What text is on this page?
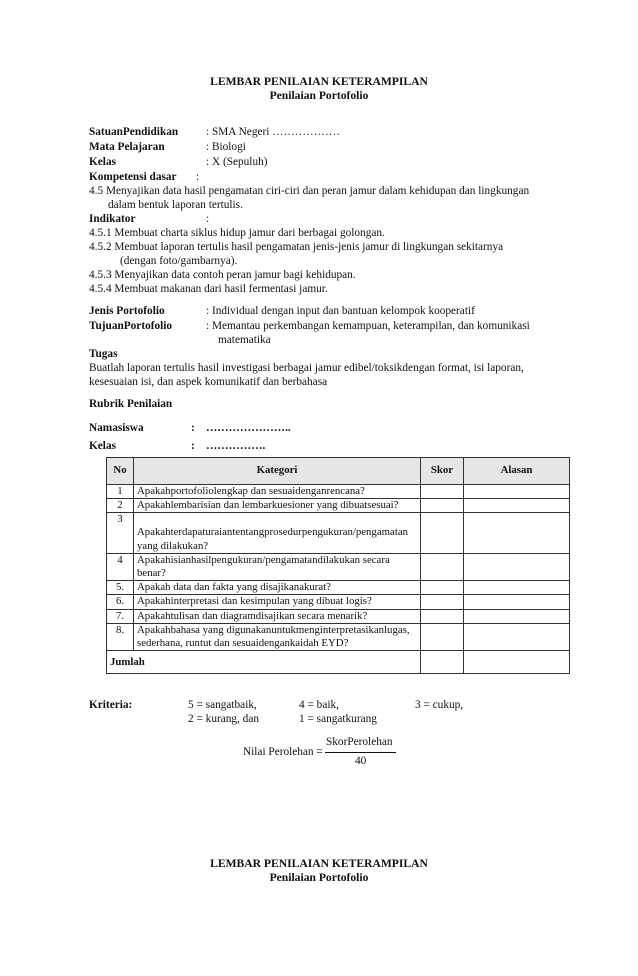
LEMBAR PENILAIAN KETERAMPILAN
Penilaian Portofolio
SatuanPendidikan : SMA Negeri ………………
Mata Pelajaran	: Biologi
Kelas	: X (Sepuluh)
Kompetensi dasar :
4.5 Menyajikan data hasil pengamatan ciri-ciri dan peran jamur dalam kehidupan dan lingkungan
dalam bentuk laporan tertulis.
Indikator	:
4.5.1 Membuat charta siklus hidup jamur dari berbagai golongan.
4.5.2 Membuat laporan tertulis hasil pengamatan jenis-jenis jamur di lingkungan sekitarnya
(dengan foto/gambarnya).
4.5.3 Menyajikan data contoh peran jamur bagi kehidupan.
4.5.4 Membuat makanan dari hasil fermentasi jamur.
Jenis Portofolio	: Individual dengan input dan bantuan kelompok kooperatif
TujuanPortofolio	: Memantau perkembangan kemampuan, keterampilan, dan komunikasi
matematika
Tugas
Buatlah laporan tertulis hasil investigasi berbagai jamur edibel/toksikdengan format, isi laporan,
kesesuaian isi, dan aspek komunikatif dan berbahasa
Rubrik Penilaian
Namasiswa	: …………………..
Kelas	: …………….
No	Kategori	Skor	Alasan
1	Apakahportofoliolengkap dan sesuaidenganrencana?		
2	Apakahlembarisian dan lembarkuesioner yang dibuatsesuai?		
3	Apakahterdapaturaiantentangprosedurpengukuran/pengamatan yang dilakukan?		
4	Apakahisianhasilpengukuran/pengamatandilakukan secara benar?		
5.	Apakah data dan fakta yang disajikanakurat?		
6.	Apakahinterpretasi dan kesimpulan yang dibuat logis?		
7.	Apakahtulisan dan diagramdisajikan secara menarik?		
8.	Apakahbahasa yang digunakanuntukmenginterpretasikanlugas, sederhana, runtut dan sesuaidengankaidah EYD?		
Jumlah			
Kriteria:	5 = sangatbaik,	4 = baik,	3 = cukup,
2 = kurang, dan	1 = sangatkurang
SkorPerolehan
Nilai Perolehan =
40
LEMBAR PENILAIAN KETERAMPILAN
Penilaian Portofolio
